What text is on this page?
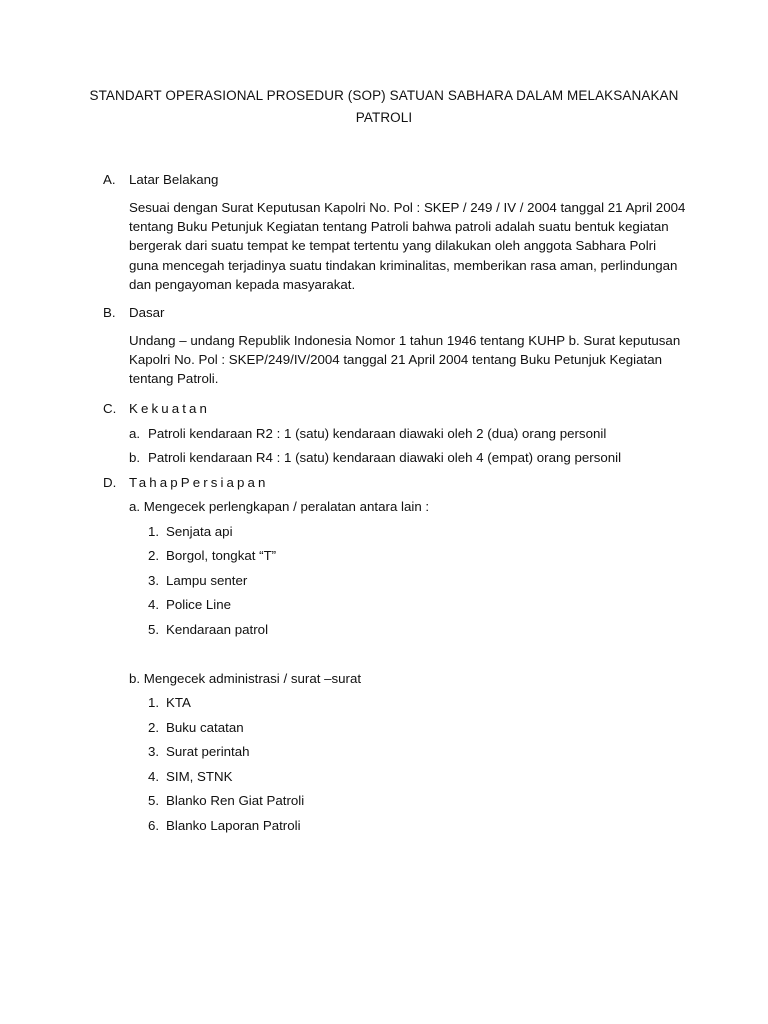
STANDART OPERASIONAL PROSEDUR (SOP) SATUAN SABHARA DALAM MELAKSANAKAN
PATROLI
A. Latar Belakang
Sesuai dengan Surat Keputusan Kapolri No. Pol : SKEP / 249 / IV / 2004 tanggal 21 April 2004
tentang Buku Petunjuk Kegiatan tentang Patroli bahwa patroli adalah suatu bentuk kegiatan
bergerak dari suatu tempat ke tempat tertentu yang dilakukan oleh anggota Sabhara Polri
guna mencegah terjadinya suatu tindakan kriminalitas, memberikan rasa aman, perlindungan
dan pengayoman kepada masyarakat.
B. Dasar
Undang – undang Republik Indonesia Nomor 1 tahun 1946 tentang KUHP b. Surat keputusan
Kapolri No. Pol : SKEP/249/IV/2004 tanggal 21 April 2004 tentang Buku Petunjuk Kegiatan
tentang Patroli.
C. Kekuatan
a. Patroli kendaraan R2 : 1 (satu) kendaraan diawaki oleh 2 (dua) orang personil
b. Patroli kendaraan R4 : 1 (satu) kendaraan diawaki oleh 4 (empat) orang personil
D. TahapPersiapan
a. Mengecek perlengkapan / peralatan antara lain :
1. Senjata api
2. Borgol, tongkat “T”
3. Lampu senter
4. Police Line
5. Kendaraan patrol
b. Mengecek administrasi / surat –surat
1. KTA
2. Buku catatan
3. Surat perintah
4. SIM, STNK
5. Blanko Ren Giat Patroli
6. Blanko Laporan Patroli
